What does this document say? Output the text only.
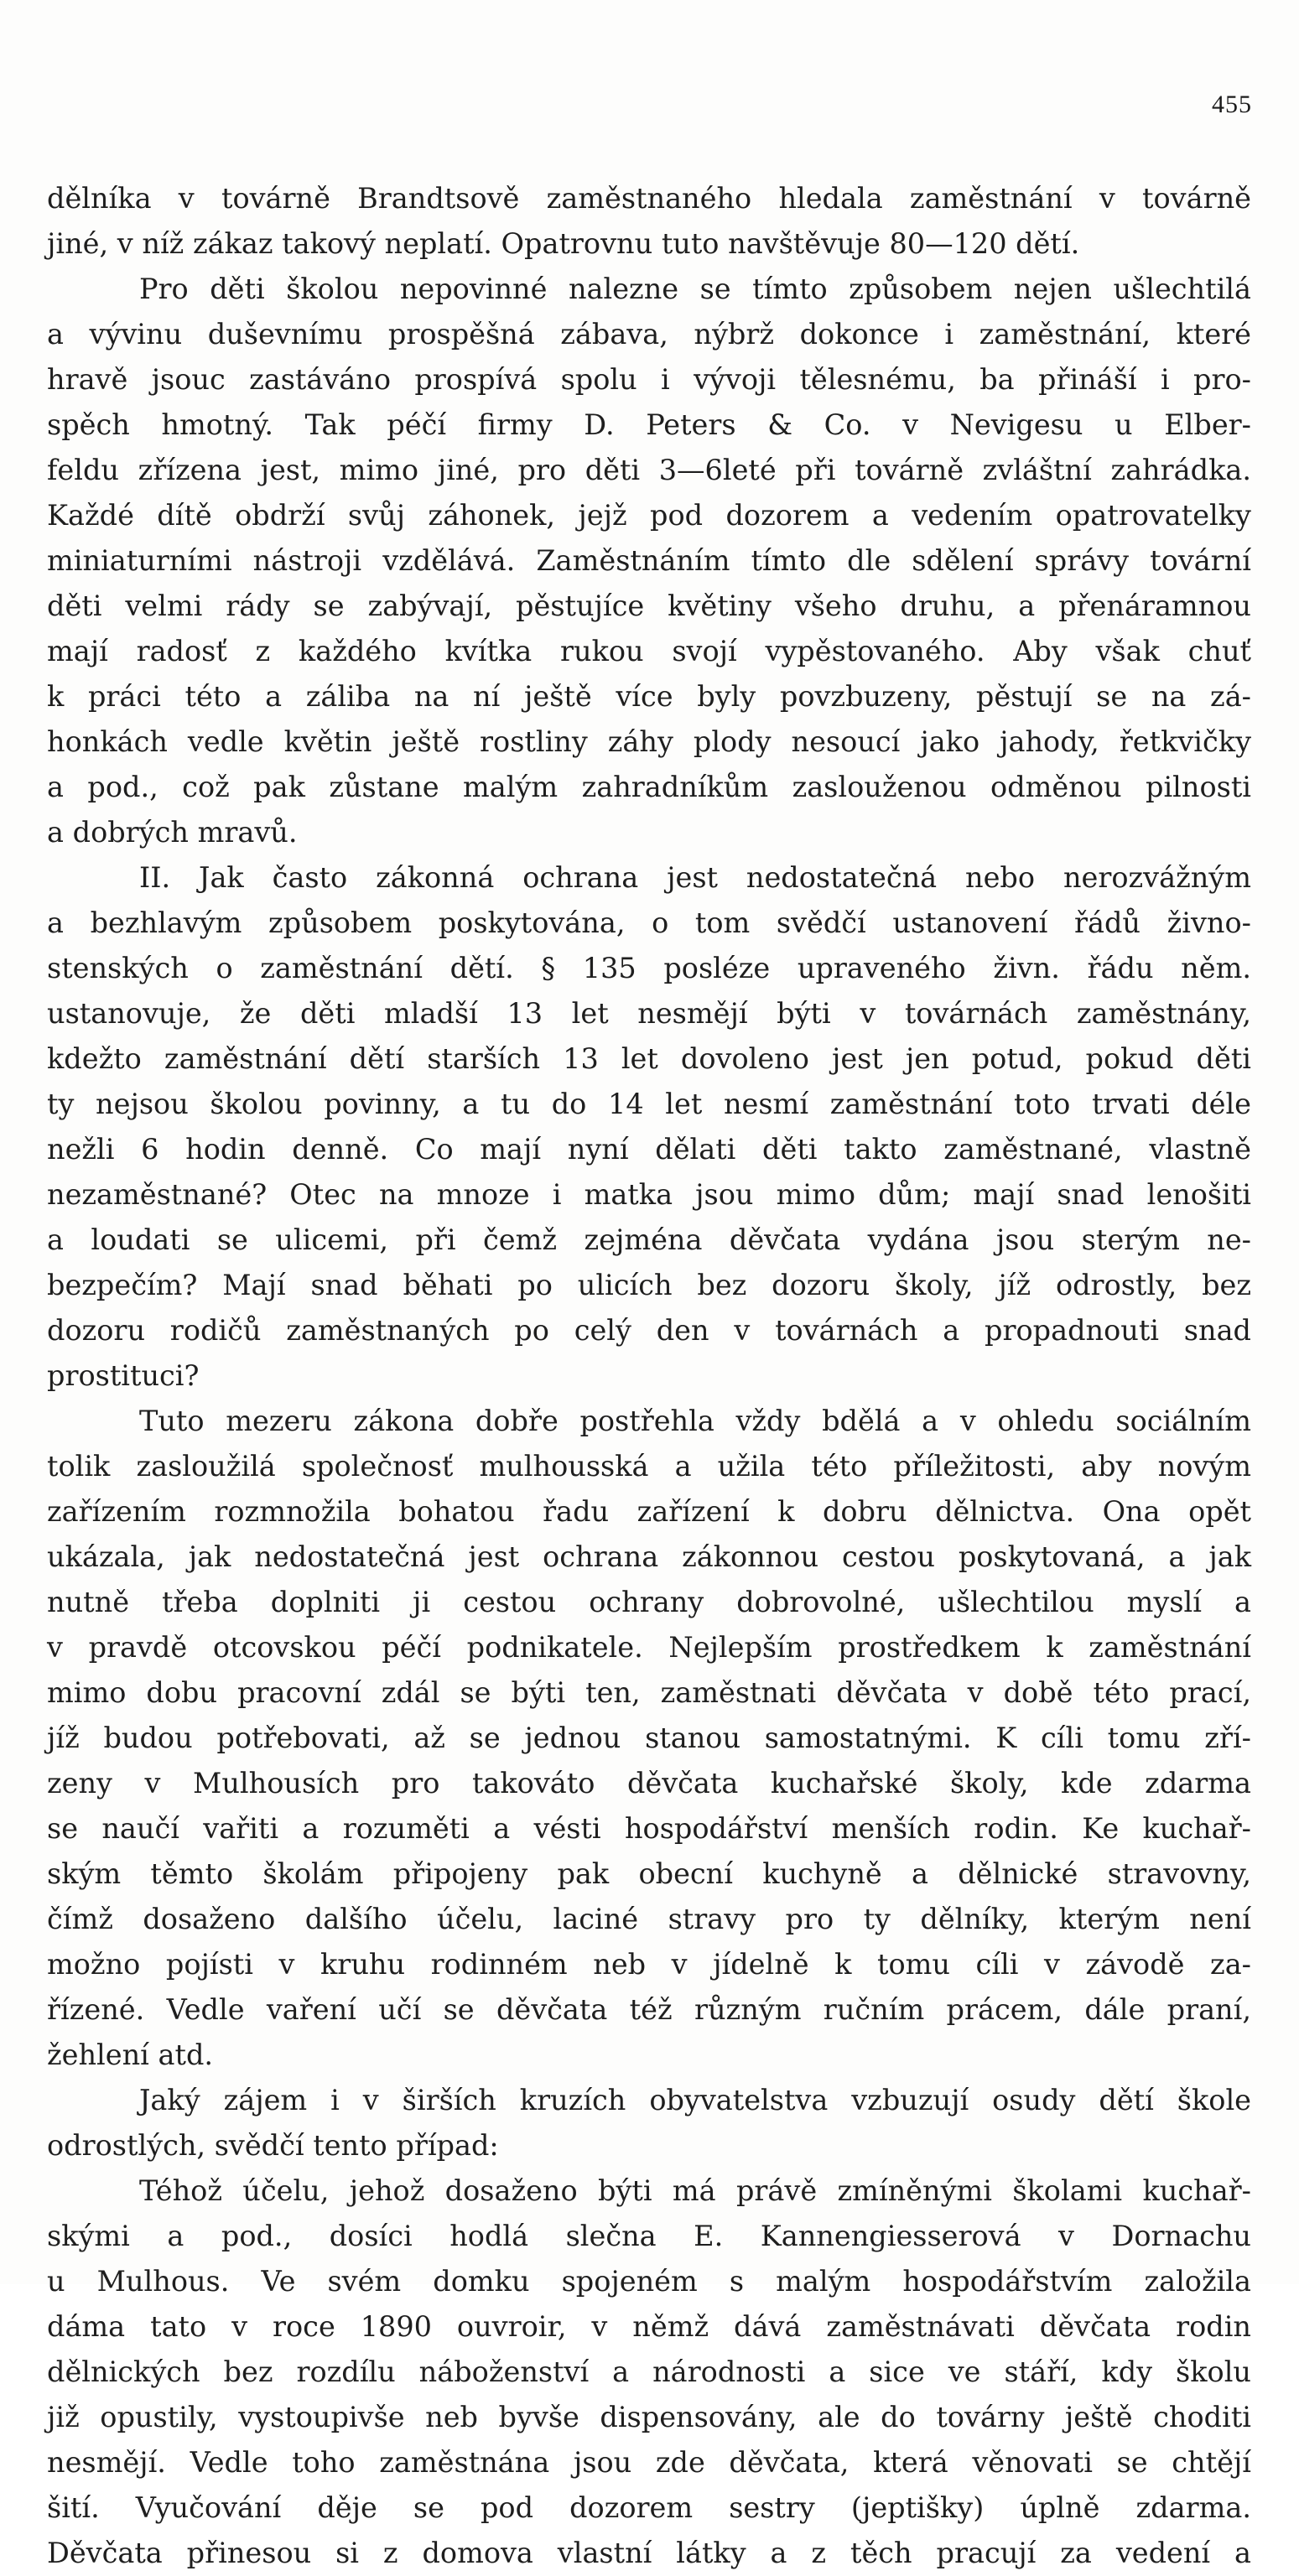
455
dělníka v továrně Brandtsově zaměstnaného hledala zaměstnání v továrně
jiné, v níž zákaz takový neplatí. Opatrovnu tuto navštěvuje 80—120 dětí.
Pro děti školou nepovinné nalezne se tímto způsobem nejen ušlechtilá
a vývinu duševnímu prospěšná zábava, nýbrž dokonce i zaměstnání, které
hravě jsouc zastáváno prospívá spolu i vývoji tělesnému, ba přináší i pro-
spěch hmotný. Tak péčí firmy D. Peters & Co. v Nevigesu u Elber-
feldu zřízena jest, mimo jiné, pro děti 3—6leté při továrně zvláštní zahrádka.
Každé dítě obdrží svůj záhonek, jejž pod dozorem a vedením opatrovatelky
miniaturními nástroji vzdělává. Zaměstnáním tímto dle sdělení správy tovární
děti velmi rády se zabývají, pěstujíce květiny všeho druhu, a přenáramnou
mají radosť z každého kvítka rukou svojí vypěstovaného. Aby však chuť
k práci této a záliba na ní ještě více byly povzbuzeny, pěstují se na zá-
honkách vedle květin ještě rostliny záhy plody nesoucí jako jahody, řetkvičky
a pod., což pak zůstane malým zahradníkům zaslouženou odměnou pilnosti
a dobrých mravů.
II. Jak často zákonná ochrana jest nedostatečná nebo nerozvážným
a bezhlavým způsobem poskytována, o tom svědčí ustanovení řádů živno-
stenských o zaměstnání dětí. § 135 posléze upraveného živn. řádu něm.
ustanovuje, že děti mladší 13 let nesmějí býti v továrnách zaměstnány,
kdežto zaměstnání dětí starších 13 let dovoleno jest jen potud, pokud děti
ty nejsou školou povinny, a tu do 14 let nesmí zaměstnání toto trvati déle
nežli 6 hodin denně. Co mají nyní dělati děti takto zaměstnané, vlastně
nezaměstnané? Otec na mnoze i matka jsou mimo dům; mají snad lenošiti
a loudati se ulicemi, při čemž zejména děvčata vydána jsou sterým ne-
bezpečím? Mají snad běhati po ulicích bez dozoru školy, jíž odrostly, bez
dozoru rodičů zaměstnaných po celý den v továrnách a propadnouti snad
prostituci?
Tuto mezeru zákona dobře postřehla vždy bdělá a v ohledu sociálním
tolik zasloužilá společnosť mulhousská a užila této příležitosti, aby novým
zařízením rozmnožila bohatou řadu zařízení k dobru dělnictva. Ona opět
ukázala, jak nedostatečná jest ochrana zákonnou cestou poskytovaná, a jak
nutně třeba doplniti ji cestou ochrany dobrovolné, ušlechtilou myslí a
v pravdě otcovskou péčí podnikatele. Nejlepším prostředkem k zaměstnání
mimo dobu pracovní zdál se býti ten, zaměstnati děvčata v době této prací,
jíž budou potřebovati, až se jednou stanou samostatnými. K cíli tomu zří-
zeny v Mulhousích pro takováto děvčata kuchařské školy, kde zdarma
se naučí vařiti a rozuměti a vésti hospodářství menších rodin. Ke kuchař-
ským těmto školám připojeny pak obecní kuchyně a dělnické stravovny,
čímž dosaženo dalšího účelu, laciné stravy pro ty dělníky, kterým není
možno pojísti v kruhu rodinném neb v jídelně k tomu cíli v závodě za-
řízené. Vedle vaření učí se děvčata též různým ručním prácem, dále praní,
žehlení atd.
Jaký zájem i v širších kruzích obyvatelstva vzbuzují osudy dětí škole
odrostlých, svědčí tento případ:
Téhož účelu, jehož dosaženo býti má právě zmíněnými školami kuchař-
skými a pod., dosíci hodlá slečna E. Kannengiesserová v Dornachu
u Mulhous. Ve svém domku spojeném s malým hospodářstvím založila
dáma tato v roce 1890 ouvroir, v němž dává zaměstnávati děvčata rodin
dělnických bez rozdílu náboženství a národnosti a sice ve stáří, kdy školu
již opustily, vystoupivše neb byvše dispensovány, ale do továrny ještě choditi
nesmějí. Vedle toho zaměstnána jsou zde děvčata, která věnovati se chtějí
šití. Vyučování děje se pod dozorem sestry (jeptišky) úplně zdarma.
Děvčata přinesou si z domova vlastní látky a z těch pracují za vedení a
